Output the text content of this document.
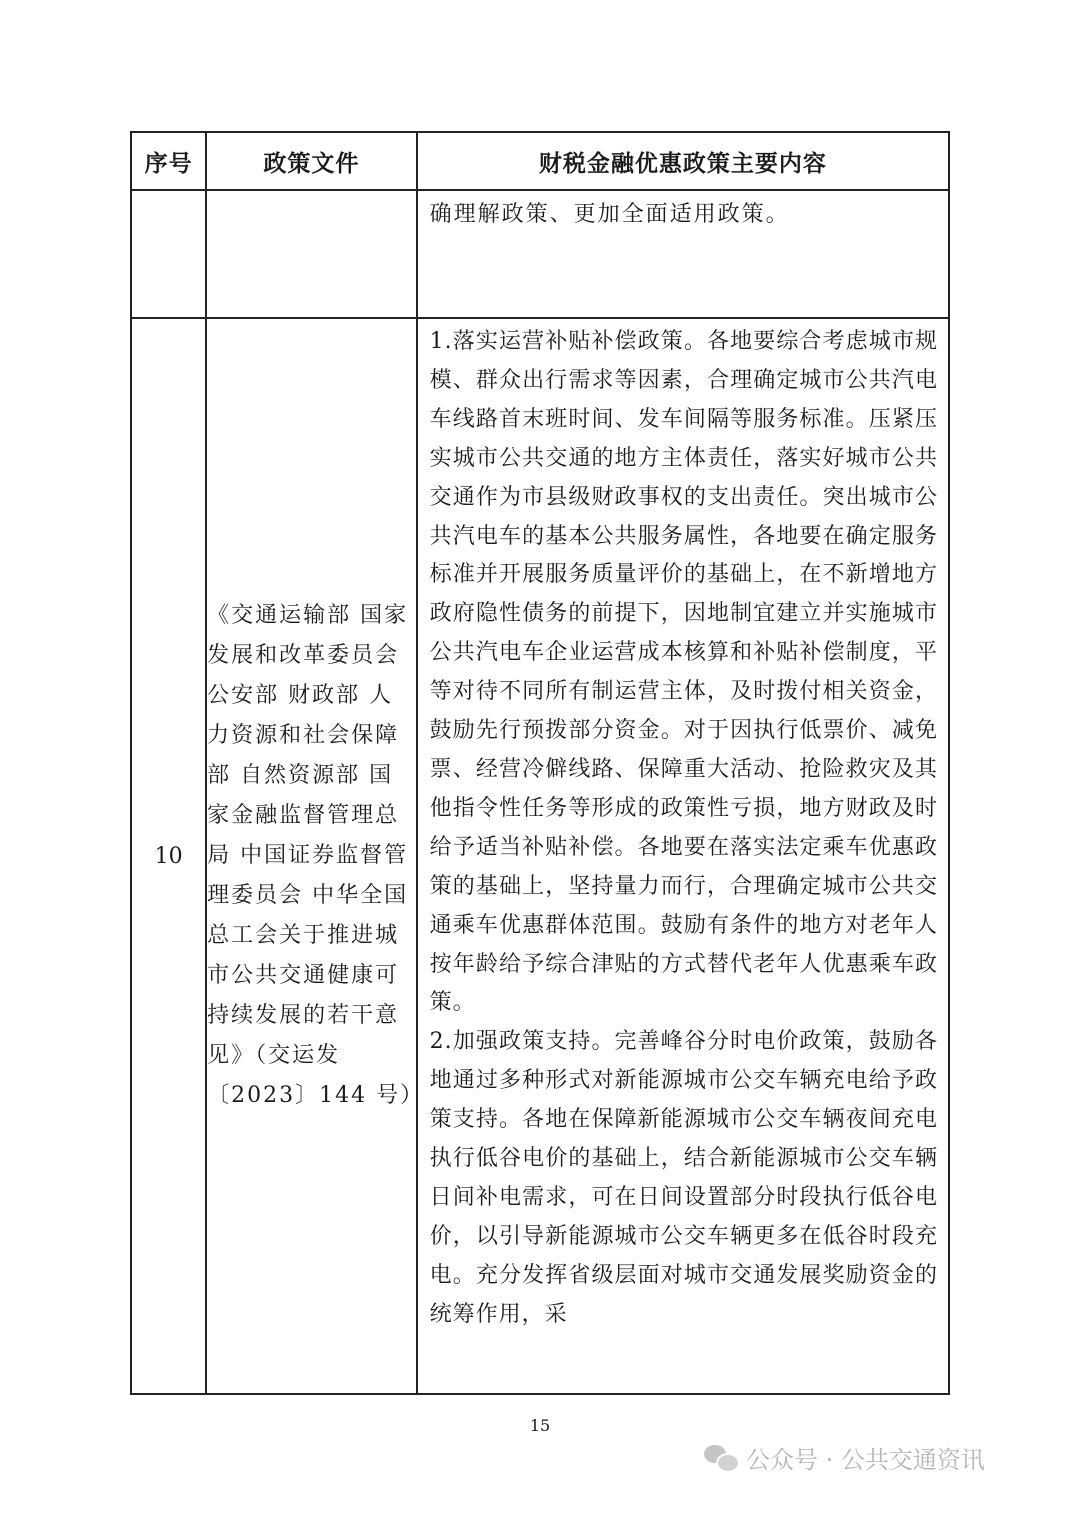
序号	政策文件	财税金融优惠政策主要内容

		确理解政策、更加全面适用政策。

10	《交通运输部 国家发展和改革委员会 公安部 财政部 人力资源和社会保障部 自然资源部 国家金融监督管理总局 中国证券监督管理委员会 中华全国总工会关于推进城市公共交通健康可持续发展的若干意见》（交运发〔2023〕144 号）	1.落实运营补贴补偿政策。各地要综合考虑城市规模、群众出行需求等因素，合理确定城市公共汽电车线路首末班时间、发车间隔等服务标准。压紧压实城市公共交通的地方主体责任，落实好城市公共交通作为市县级财政事权的支出责任。突出城市公共汽电车的基本公共服务属性，各地要在确定服务标准并开展服务质量评价的基础上，在不新增地方政府隐性债务的前提下，因地制宜建立并实施城市公共汽电车企业运营成本核算和补贴补偿制度，平等对待不同所有制运营主体，及时拨付相关资金，鼓励先行预拨部分资金。对于因执行低票价、减免票、经营冷僻线路、保障重大活动、抢险救灾及其他指令性任务等形成的政策性亏损，地方财政及时给予适当补贴补偿。各地要在落实法定乘车优惠政策的基础上，坚持量力而行，合理确定城市公共交通乘车优惠群体范围。鼓励有条件的地方对老年人按年龄给予综合津贴的方式替代老年人优惠乘车政策。

2.加强政策支持。完善峰谷分时电价政策，鼓励各地通过多种形式对新能源城市公交车辆充电给予政策支持。各地在保障新能源城市公交车辆夜间充电执行低谷电价的基础上，结合新能源城市公交车辆日间补电需求，可在日间设置部分时段执行低谷电价，以引导新能源城市公交车辆更多在低谷时段充电。充分发挥省级层面对城市交通发展奖励资金的统筹作用，采

15
公众号 · 公共交通资讯
